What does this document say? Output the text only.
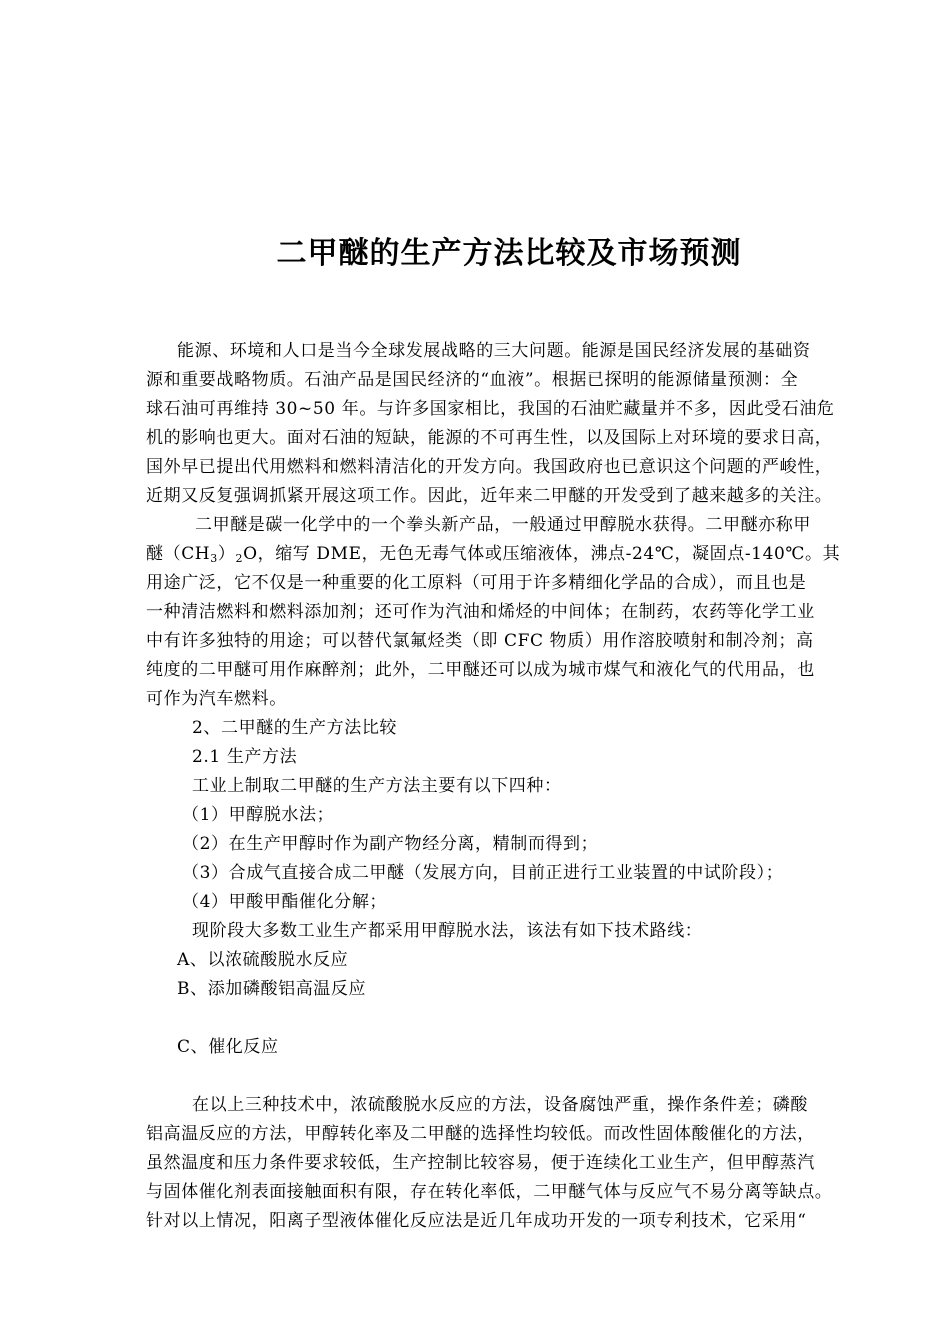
二甲醚的生产方法比较及市场预测
能源、环境和人口是当今全球发展战略的三大问题。能源是国民经济发展的基础资
源和重要战略物质。石油产品是国民经济的“血液”。根据已探明的能源储量预测：全
球石油可再维持 30~50 年。与许多国家相比，我国的石油贮藏量并不多，因此受石油危
机的影响也更大。面对石油的短缺，能源的不可再生性，以及国际上对环境的要求日高，
国外早已提出代用燃料和燃料清洁化的开发方向。我国政府也已意识这个问题的严峻性，
近期又反复强调抓紧开展这项工作。因此，近年来二甲醚的开发受到了越来越多的关注。
二甲醚是碳一化学中的一个拳头新产品，一般通过甲醇脱水获得。二甲醚亦称甲
醚$(CH_3)_2O$，缩写 DME，无色无毒气体或压缩液体，沸点-24℃，凝固点-140℃。其
用途广泛，它不仅是一种重要的化工原料（可用于许多精细化学品的合成），而且也是
一种清洁燃料和燃料添加剂；还可作为汽油和烯烃的中间体；在制药，农药等化学工业
中有许多独特的用途；可以替代氯氟烃类（即 CFC 物质）用作溶胶喷射和制冷剂；高
纯度的二甲醚可用作麻醉剂；此外，二甲醚还可以成为城市煤气和液化气的代用品，也
可作为汽车燃料。
2、二甲醚的生产方法比较
2.1 生产方法
工业上制取二甲醚的生产方法主要有以下四种：
（1）甲醇脱水法；
（2）在生产甲醇时作为副产物经分离，精制而得到；
（3）合成气直接合成二甲醚（发展方向，目前正进行工业装置的中试阶段）；
（4）甲酸甲酯催化分解；
现阶段大多数工业生产都采用甲醇脱水法，该法有如下技术路线：
A、以浓硫酸脱水反应
B、添加磷酸铝高温反应
C、催化反应
在以上三种技术中，浓硫酸脱水反应的方法，设备腐蚀严重，操作条件差；磷酸
铝高温反应的方法，甲醇转化率及二甲醚的选择性均较低。而改性固体酸催化的方法，
虽然温度和压力条件要求较低，生产控制比较容易，便于连续化工业生产，但甲醇蒸汽
与固体催化剂表面接触面积有限，存在转化率低，二甲醚气体与反应气不易分离等缺点。
针对以上情况，阳离子型液体催化反应法是近几年成功开发的一项专利技术，它采用“
